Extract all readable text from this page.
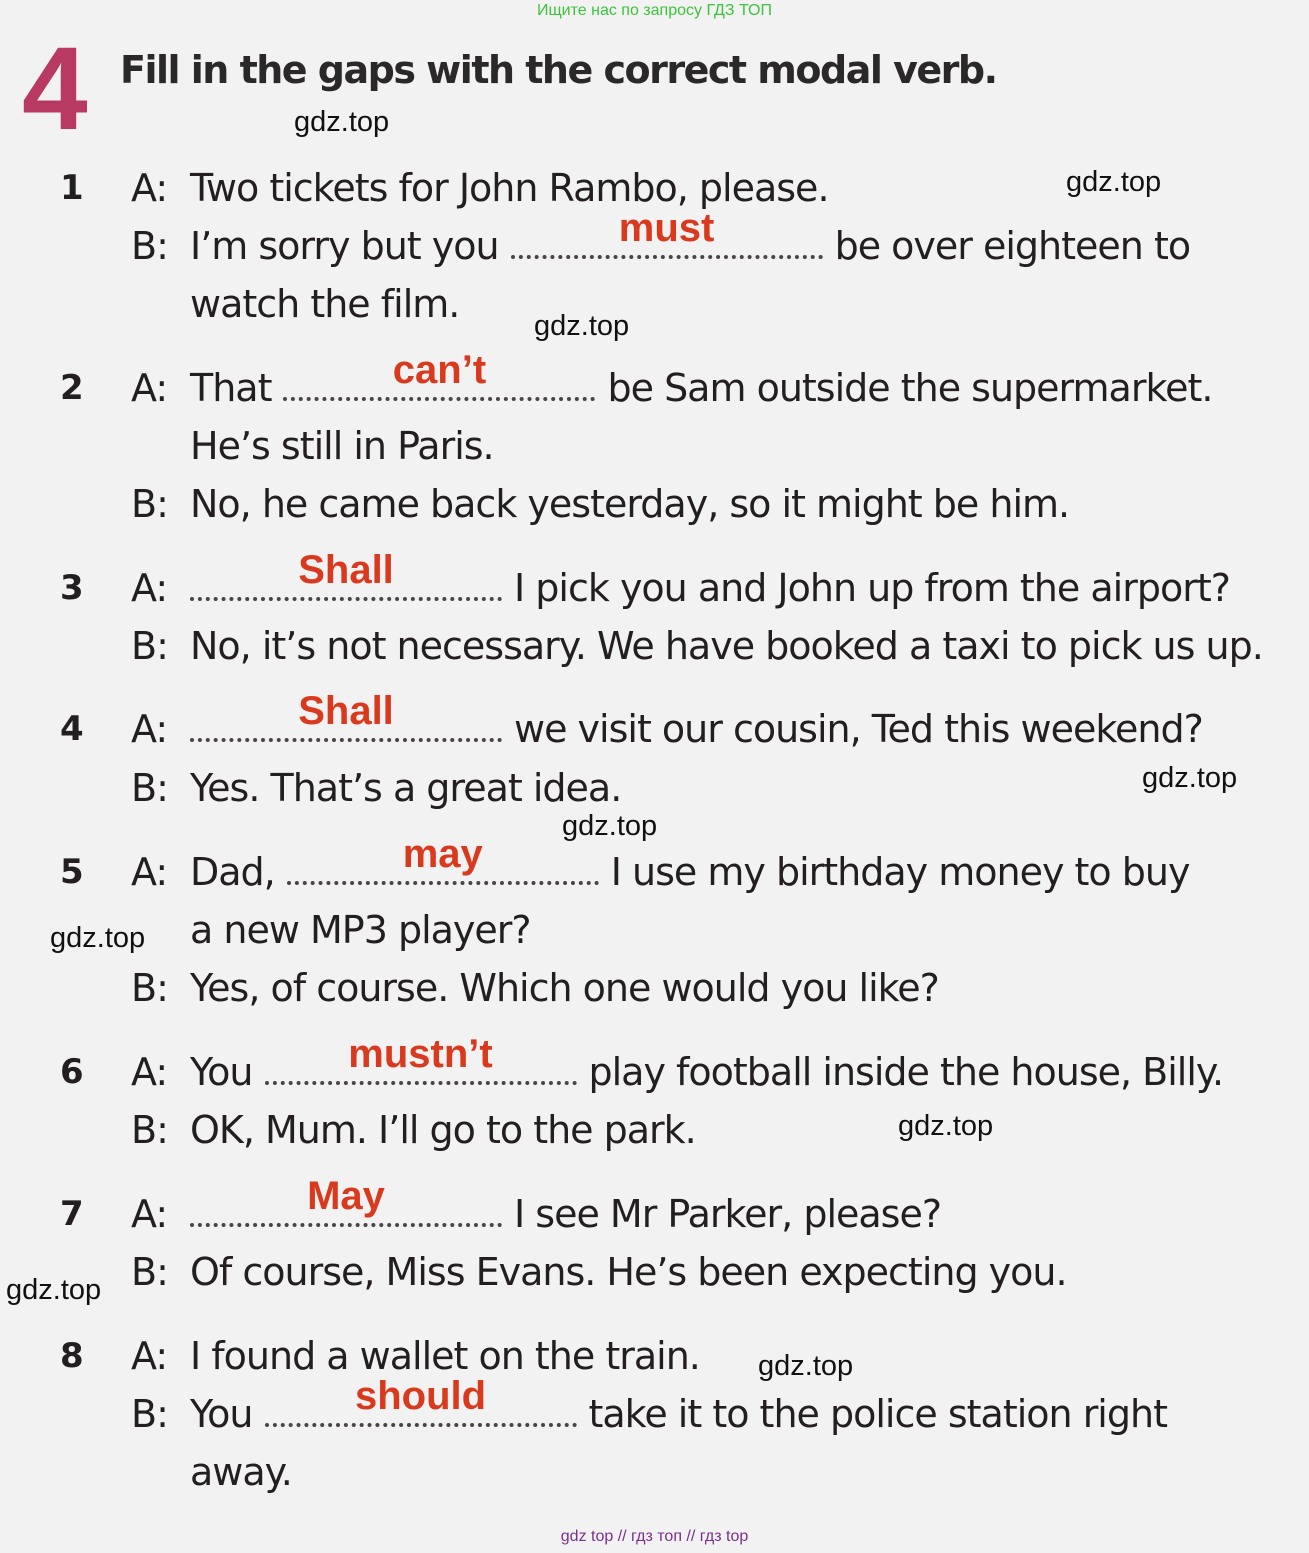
Ищите нас по запросу ГДЗ ТОП
4 Fill in the gaps with the correct modal verb.
1 A: Two tickets for John Rambo, please.
B: I’m sorry but you	must	be over eighteen to
watch the film.
2 A: That	can’t	be Sam outside the supermarket.
He’s still in Paris.
B: No, he came back yesterday, so it might be him.
3 A:	Shall	I pick you and John up from the airport?
B: No, it’s not necessary. We have booked a taxi to pick us up.
4 A:	Shall	we visit our cousin, Ted this weekend?
B: Yes. That’s a great idea.
5 A: Dad,	may	I use my birthday money to buy
a new MP3 player?
B: Yes, of course. Which one would you like?
6 A: You	mustn’t	play football inside the house, Billy.
B: OK, Mum. I’ll go to the park.
7 A:	May	I see Mr Parker, please?
B: Of course, Miss Evans. He’s been expecting you.
8 A: I found a wallet on the train.
B: You	should	take it to the police station right
away.
gdz.top
gdz.top
gdz.top
gdz.top
gdz.top
gdz.top
gdz.top
gdz.top
gdz.top
gdz top // гдз топ // гдз top
